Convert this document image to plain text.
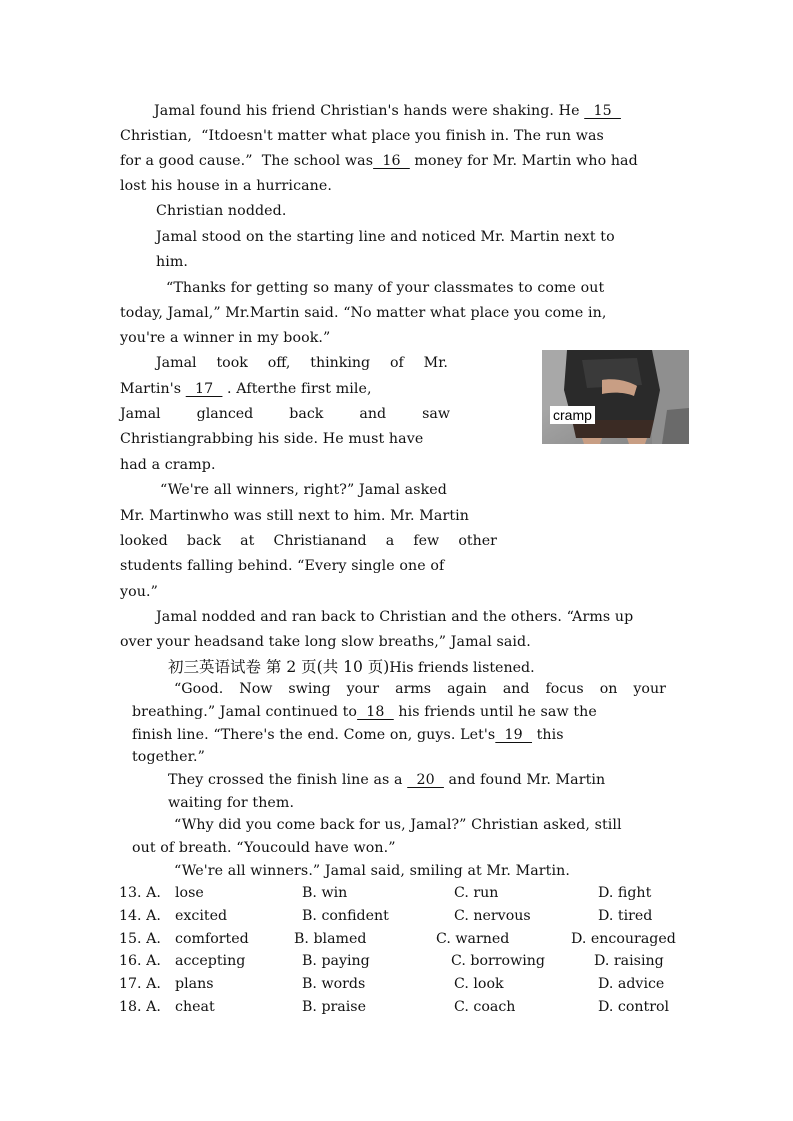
Jamal found his friend Christian's hands were shaking. He   15
Christian,  “Itdoesn't matter what place you finish in. The run was
for a good cause.”  The school was  16   money for Mr. Martin who had
lost his house in a hurricane.
Christian nodded.
Jamal stood on the starting line and noticed Mr. Martin next to
him.
“Thanks for getting so many of your classmates to come out
today, Jamal,” Mr.Martin said. “No matter what place you come in,
you're a winner in my book.”
Jamal took off, thinking of Mr.
Martin's   17   . Afterthe first mile,
Jamal	glanced	back	and	saw
Christiangrabbing his side. He must have
had a cramp.
cramp
“We're all winners, right?” Jamal asked
Mr. Martinwho was still next to him. Mr. Martin
looked back at Christianand a few other
students falling behind. “Every single one of
you.”
Jamal nodded and ran back to Christian and the others. “Arms up
over your headsand take long slow breaths,” Jamal said.
初三英语试卷 第 2 页(共 10 页)His friends listened.
“Good. Now swing your arms again and focus on your
breathing.” Jamal continued to  18   his friends until he saw the
finish line. “There's the end. Come on, guys. Let's  19   this
together.”
They crossed the finish line as a   20   and found Mr. Martin
waiting for them.
“Why did you come back for us, Jamal?” Christian asked, still
out of breath. “Youcould have won.”
“We're all winners.” Jamal said, smiling at Mr. Martin.
13. A. lose	B. win	C. run	D. fight
14. A. excited	B. confident	C. nervous	D. tired
15. A. comforted	B. blamed	C. warned	D. encouraged
16. A. accepting	B. paying	C. borrowing	D. raising
17. A. plans	B. words	C. look	D. advice
18. A. cheat	B. praise	C. coach	D. control
